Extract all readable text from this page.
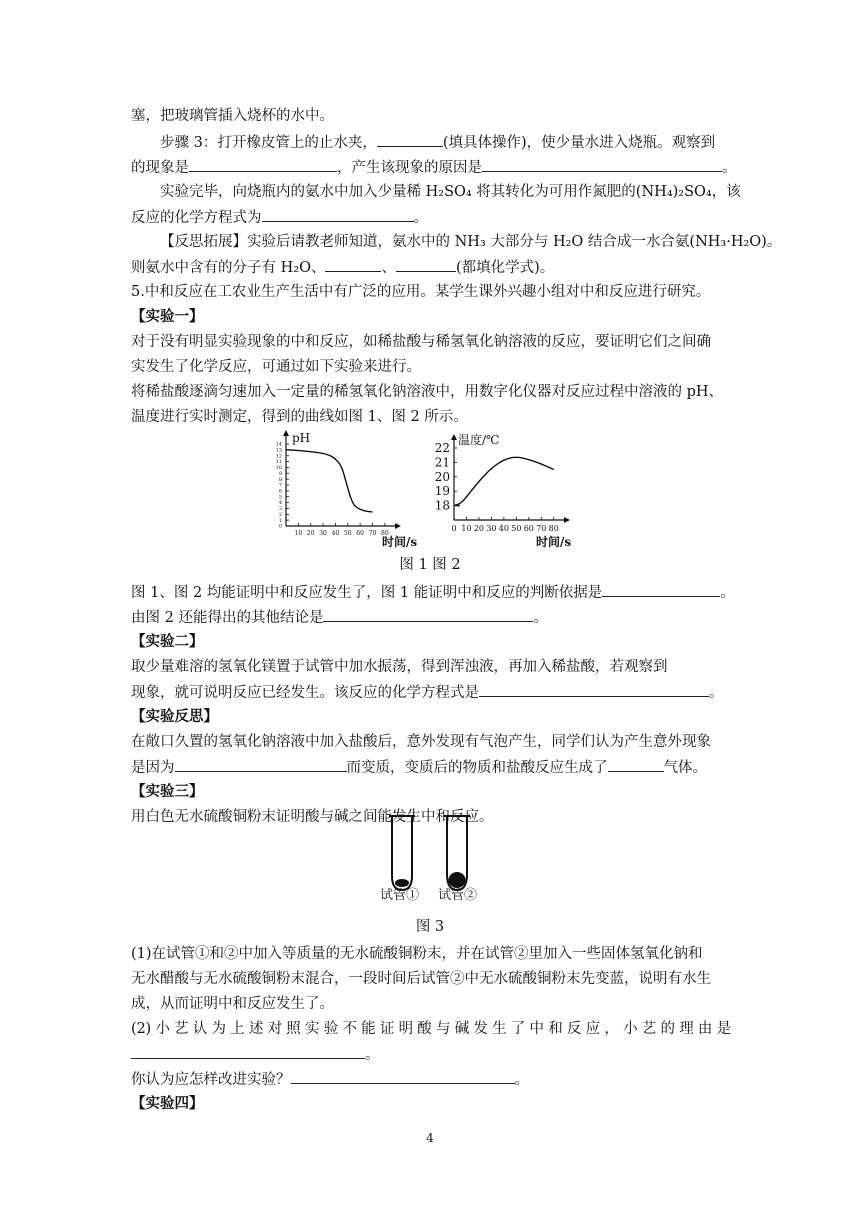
塞，把玻璃管插入烧杯的水中。
步骤 3：打开橡皮管上的止水夹，	(填具体操作)，使少量水进入烧瓶。观察到
的现象是	，产生该现象的原因是	。
实验完毕，向烧瓶内的氨水中加入少量稀 H₂SO₄ 将其转化为可用作氮肥的(NH₄)₂SO₄，该
反应的化学方程式为	。
【反思拓展】实验后请教老师知道，氨水中的 NH₃ 大部分与 H₂O 结合成一水合氨(NH₃·H₂O)。
则氨水中含有的分子有 H₂O、	、	(都填化学式)。
5.中和反应在工农业生产生活中有广泛的应用。某学生课外兴趣小组对中和反应进行研究。
【实验一】
对于没有明显实验现象的中和反应，如稀盐酸与稀氢氧化钠溶液的反应，要证明它们之间确
实发生了化学反应，可通过如下实验来进行。
将稀盐酸逐滴匀速加入一定量的稀氢氧化钠溶液中，用数字化仪器对反应过程中溶液的 pH、
温度进行实时测定，得到的曲线如图 1、图 2 所示。
pH
0
1
2
3
4
5
6
7
8
9
10
11
12
13
14
10 20 30 40 50 60 70 80
时间/s
温度/℃
18
19
20
21
22
0 10 20 30 40 50 60 70 80
时间/s
图 1 图 2
图 1、图 2 均能证明中和反应发生了，图 1 能证明中和反应的判断依据是	。
由图 2 还能得出的其他结论是	。
【实验二】
取少量难溶的氢氧化镁置于试管中加水振荡，得到浑浊液，再加入稀盐酸，若观察到
现象，就可说明反应已经发生。该反应的化学方程式是	。
【实验反思】
在敞口久置的氢氧化钠溶液中加入盐酸后，意外发现有气泡产生，同学们认为产生意外现象
是因为	而变质，变质后的物质和盐酸反应生成了	气体。
【实验三】
用白色无水硫酸铜粉末证明酸与碱之间能发生中和反应。
试管① 试管②
图 3
(1)在试管①和②中加入等质量的无水硫酸铜粉末，并在试管②里加入一些固体氢氧化钠和
无水醋酸与无水硫酸铜粉末混合，一段时间后试管②中无水硫酸铜粉末先变蓝，说明有水生
成，从而证明中和反应发生了。
(2) 小 艺 认 为 上 述 对 照 实 验 不 能 证 明 酸 与 碱 发 生 了 中 和 反 应 ， 小 艺 的 理 由 是
。
你认为应怎样改进实验？	。
【实验四】
4
